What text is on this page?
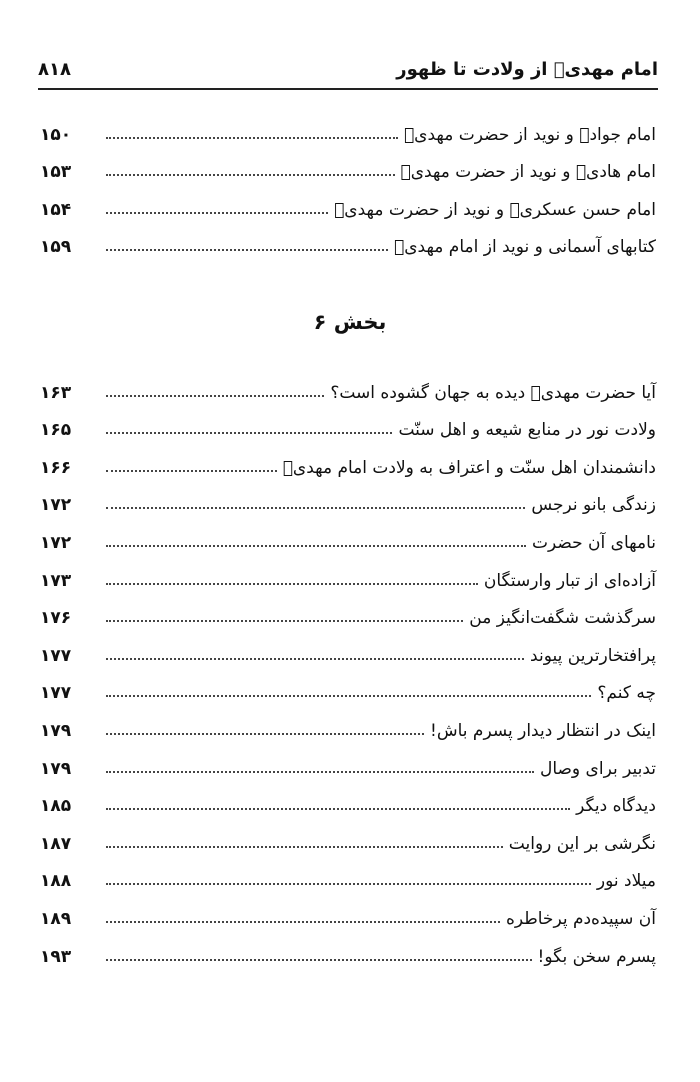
امام مهدیؑ از ولادت تا ظهور
۸۱۸
امام جوادؑ و نوید از حضرت مهدیؑ
۱۵۰
امام هادیؑ و نوید از حضرت مهدیؑ
۱۵۳
امام حسن عسکریؑ و نوید از حضرت مهدیؑ
۱۵۴
کتابهای آسمانی و نوید از امام مهدیؑ
۱۵۹
بخش ۶
آیا حضرت مهدیؑ دیده به جهان گشوده است؟
۱۶۳
ولادت نور در منابع شیعه و اهل سنّت
۱۶۵
دانشمندان اهل سنّت و اعتراف به ولادت امام مهدیؑ
۱۶۶
زندگی بانو نرجس
۱۷۲
نامهای آن حضرت
۱۷۲
آزاده‌ای از تبار وارستگان
۱۷۳
سرگذشت شگفت‌انگیز من
۱۷۶
پرافتخارترین پیوند
۱۷۷
چه کنم؟
۱۷۷
اینک در انتظار دیدار پسرم باش!
۱۷۹
تدبیر برای وصال
۱۷۹
دیدگاه دیگر
۱۸۵
نگرشی بر این روایت
۱۸۷
میلاد نور
۱۸۸
آن سپیده‌دم پرخاطره
۱۸۹
پسرم سخن بگو!
۱۹۳
